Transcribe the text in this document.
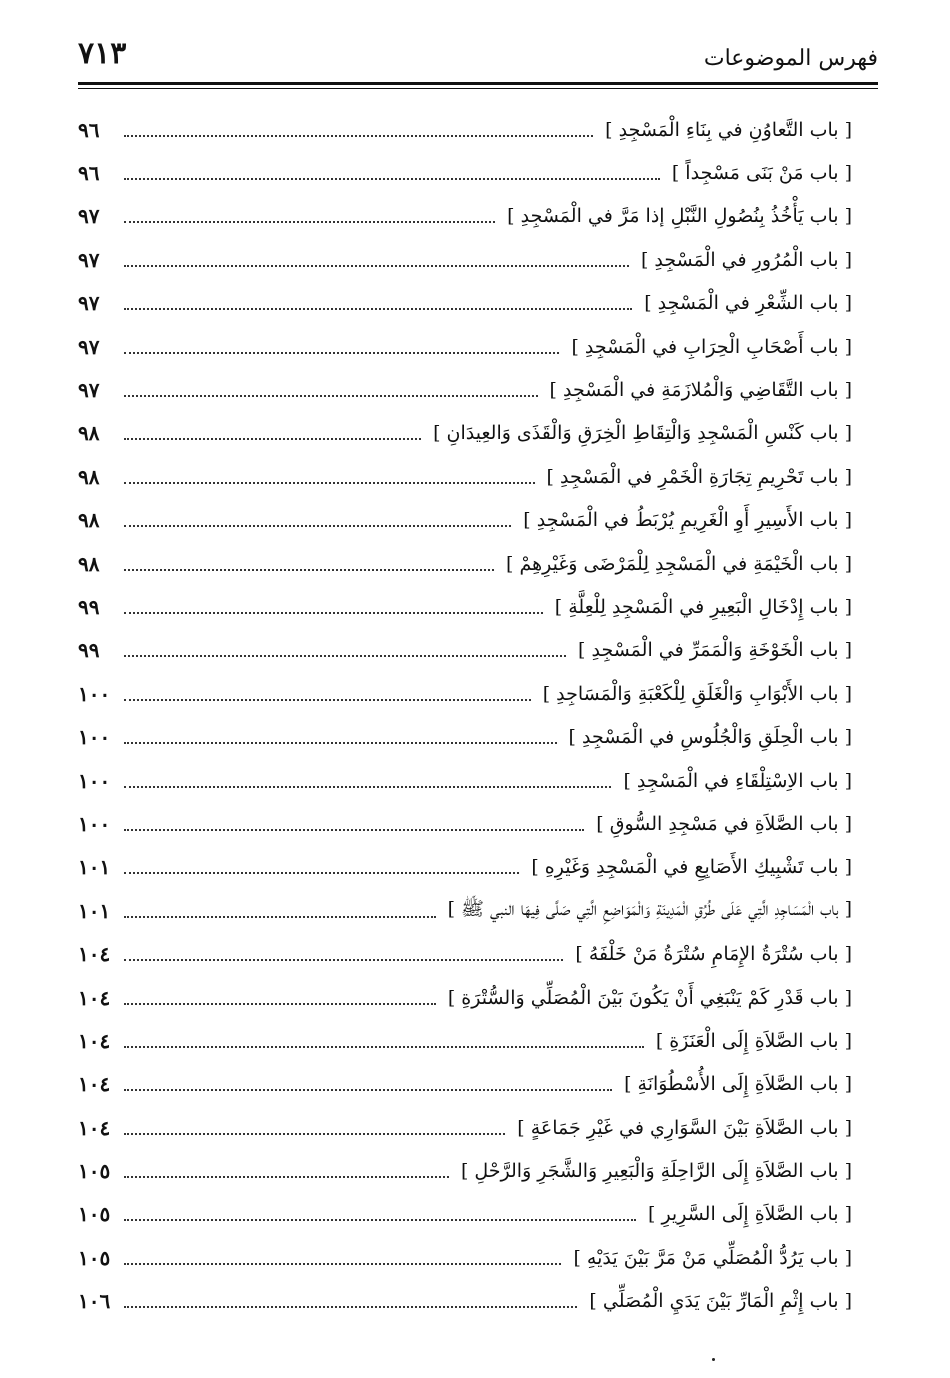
٧١٣	فهرس الموضوعات
[ باب التَّعاوُنِ في بِنَاءِ الْمَسْجِدِ ]
٩٦
[ باب مَنْ بَنَى مَسْجِداً ]
٩٦
[ باب يَأْخُذُ بِنُصُولِ النَّبْلِ إذا مَرَّ في الْمَسْجِدِ ]
٩٧
[ باب الْمُرُورِ في الْمَسْجِدِ ]
٩٧
[ باب الشِّعْرِ في الْمَسْجِدِ ]
٩٧
[ باب أَصْحَابِ الْحِرَابِ في الْمَسْجِدِ ]
٩٧
[ باب التَّقَاضِي وَالْمُلازَمَةِ في الْمَسْجِدِ ]
٩٧
[ باب كَنْسِ الْمَسْجِدِ وَالْتِقَاطِ الْخِرَقِ وَالْقَذَى وَالعِيدَانِ ]
٩٨
[ باب تَحْرِيمِ تِجَارَةِ الْخَمْرِ في الْمَسْجِدِ ]
٩٨
[ باب الأَسِيرِ أَوِ الْغَرِيمِ يُرْبَطُ في الْمَسْجِدِ ]
٩٨
[ باب الْخَيْمَةِ في الْمَسْجِدِ لِلْمَرْضَى وَغَيْرِهِمْ ]
٩٨
[ باب إِدْخَالِ الْبَعِيرِ في الْمَسْجِدِ لِلْعِلَّةِ ]
٩٩
[ باب الْخَوْخَةِ وَالْمَمَرِّ في الْمَسْجِدِ ]
٩٩
[ باب الأَبْوَابِ وَالْغَلَقِ لِلْكَعْبَةِ وَالْمَسَاجِدِ ]
١٠٠
[ باب الْحِلَقِ وَالْجُلُوسِ في الْمَسْجِدِ ]
١٠٠
[ باب الاِسْتِلْقَاءِ في الْمَسْجِدِ ]
١٠٠
[ باب الصَّلاَةِ في مَسْجِدِ السُّوقِ ]
١٠٠
[ باب تَشْبِيكِ الأَصَابِعِ في الْمَسْجِدِ وَغَيْرِهِ ]
١٠١
[ باب الْمَسَاجِدِ الَّتِي عَلَى طُرُقِ الْمَدِينَةِ وَالْمَوَاضِعِ الَّتِي صَلَّى فِيهَا النبي ﷺ ]
١٠١
[ باب سُتْرَةُ الإِمَامِ سُتْرَةُ مَنْ خَلْفَهُ ]
١٠٤
[ باب قَدْرِ كَمْ يَنْبَغِي أَنْ يَكُونَ بَيْنَ الْمُصَلِّي وَالسُّتْرَةِ ]
١٠٤
[ باب الصَّلاَةِ إِلَى الْعَنَزَةِ ]
١٠٤
[ باب الصَّلاَةِ إِلَى الأُسْطُوَانَةِ ]
١٠٤
[ باب الصَّلاَةِ بَيْنَ السَّوَارِي في غَيْرِ جَمَاعَةٍ ]
١٠٤
[ باب الصَّلاَةِ إِلَى الرَّاحِلَةِ وَالْبَعِيرِ وَالشَّجَرِ وَالرَّحْلِ ]
١٠٥
[ باب الصَّلاَةِ إِلَى السَّرِيرِ ]
١٠٥
[ باب يَرُدُّ الْمُصَلِّي مَنْ مَرَّ بَيْنَ يَدَيْهِ ]
١٠٥
[ باب إِثْمِ الْمَارِّ بَيْنَ يَدَيِ الْمُصَلِّي ]
١٠٦
